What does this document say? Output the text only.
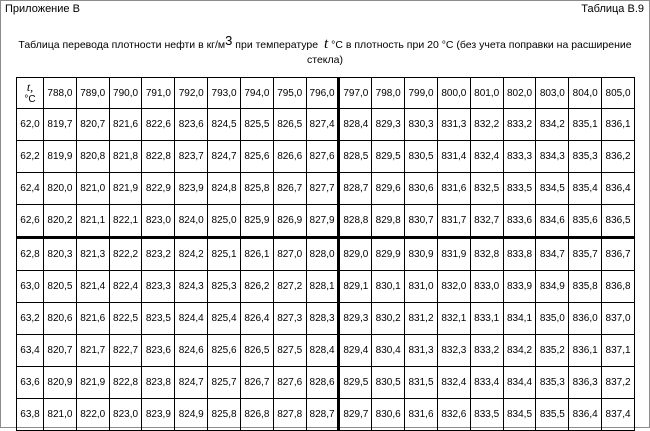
Приложение В	Таблица В.9
Таблица перевода плотности нефти в кг/м3 при температуре t °С в плотность при 20 °С (без учета поправки на расширение стекла)
t,
°С	788,0	789,0	790,0	791,0	792,0	793,0	794,0	795,0	796,0	797,0	798,0	799,0	800,0	801,0	802,0	803,0	804,0	805,0
62,0	819,7	820,7	821,6	822,6	823,6	824,5	825,5	826,5	827,4	828,4	829,3	830,3	831,3	832,2	833,2	834,2	835,1	836,1
62,2	819,9	820,8	821,8	822,8	823,7	824,7	825,6	826,6	827,6	828,5	829,5	830,5	831,4	832,4	833,3	834,3	835,3	836,2
62,4	820,0	821,0	821,9	822,9	823,9	824,8	825,8	826,7	827,7	828,7	829,6	830,6	831,6	832,5	833,5	834,5	835,4	836,4
62,6	820,2	821,1	822,1	823,0	824,0	825,0	825,9	826,9	827,9	828,8	829,8	830,7	831,7	832,7	833,6	834,6	835,6	836,5
62,8	820,3	821,3	822,2	823,2	824,2	825,1	826,1	827,0	828,0	829,0	829,9	830,9	831,9	832,8	833,8	834,7	835,7	836,7
63,0	820,5	821,4	822,4	823,3	824,3	825,3	826,2	827,2	828,1	829,1	830,1	831,0	832,0	833,0	833,9	834,9	835,8	836,8
63,2	820,6	821,6	822,5	823,5	824,4	825,4	826,4	827,3	828,3	829,3	830,2	831,2	832,1	833,1	834,1	835,0	836,0	837,0
63,4	820,7	821,7	822,7	823,6	824,6	825,6	826,5	827,5	828,4	829,4	830,4	831,3	832,3	833,2	834,2	835,2	836,1	837,1
63,6	820,9	821,9	822,8	823,8	824,7	825,7	826,7	827,6	828,6	829,5	830,5	831,5	832,4	833,4	834,4	835,3	836,3	837,2
63,8	821,0	822,0	823,0	823,9	824,9	825,8	826,8	827,8	828,7	829,7	830,6	831,6	832,6	833,5	834,5	835,5	836,4	837,4
